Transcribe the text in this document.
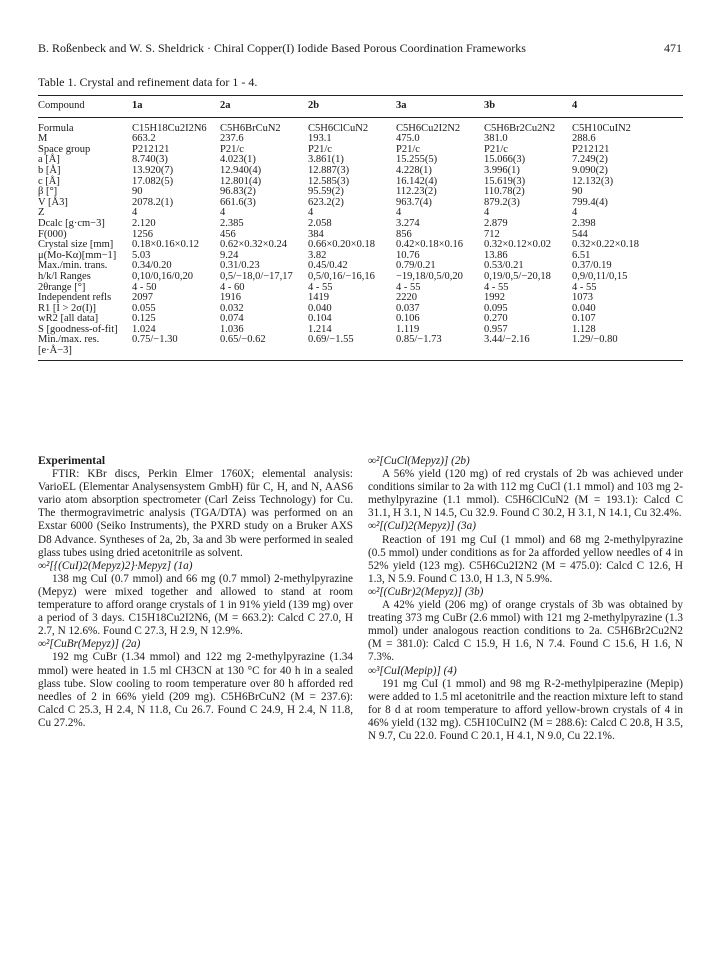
B. Roßenbeck and W. S. Sheldrick · Chiral Copper(I) Iodide Based Porous Coordination Frameworks	471
Table 1. Crystal and refinement data for 1 - 4.
Compound	1a	2a	2b	3a	3b	4
Formula	C15H18Cu2I2N6	C5H6BrCuN2	C5H6ClCuN2	C5H6Cu2I2N2	C5H6Br2Cu2N2	C5H10CuIN2
M	663.2	237.6	193.1	475.0	381.0	288.6
Space group	P212121	P21/c	P21/c	P21/c	P21/c	P212121
a [Å]	8.740(3)	4.023(1)	3.861(1)	15.255(5)	15.066(3)	7.249(2)
b [Å]	13.920(7)	12.940(4)	12.887(3)	4.228(1)	3.996(1)	9.090(2)
c [Å]	17.082(5)	12.801(4)	12.585(3)	16.142(4)	15.619(3)	12.132(3)
β [°]	90	96.83(2)	95.59(2)	112.23(2)	110.78(2)	90
V [Å3]	2078.2(1)	661.6(3)	623.2(2)	963.7(4)	879.2(3)	799.4(4)
Z	4	4	4	4	4	4
Dcalc [g·cm−3]	2.120	2.385	2.058	3.274	2.879	2.398
F(000)	1256	456	384	856	712	544
Crystal size [mm]	0.18×0.16×0.12	0.62×0.32×0.24	0.66×0.20×0.18	0.42×0.18×0.16	0.32×0.12×0.02	0.32×0.22×0.18
μ(Mo-Kα)[mm−1]	5.03	9.24	3.82	10.76	13.86	6.51
Max./min. trans.	0.34/0.20	0.31/0.23	0.45/0.42	0.79/0.21	0.53/0.21	0.37/0.19
h/k/l Ranges	0,10/0,16/0,20	0,5/−18,0/−17,17	0,5/0,16/−16,16	−19,18/0,5/0,20	0,19/0,5/−20,18	0,9/0,11/0,15
2θrange [°]	4 - 50	4 - 60	4 - 55	4 - 55	4 - 55	4 - 55
Independent refls	2097	1916	1419	2220	1992	1073
R1 [I > 2σ(I)]	0.055	0.032	0.040	0.037	0.095	0.040
wR2 [all data]	0.125	0.074	0.104	0.106	0.270	0.107
S [goodness-of-fit]	1.024	1.036	1.214	1.119	0.957	1.128
Min./max. res.	0.75/−1.30	0.65/−0.62	0.69/−1.55	0.85/−1.73	3.44/−2.16	1.29/−0.80
[e·Å−3]						

Experimental

FTIR: KBr discs, Perkin Elmer 1760X; elemental analysis: VarioEL (Elementar Analysensystem GmbH) für C, H, and N, AAS6 vario atom absorption spectrometer (Carl Zeiss Technology) for Cu. The thermogravimetric analysis (TGA/DTA) was performed on an Exstar 6000 (Seiko Instruments), the PXRD study on a Bruker AXS D8 Advance. Syntheses of 2a, 2b, 3a and 3b were performed in sealed glass tubes using dried acetonitrile as solvent.

∞²[{(CuI)2(Mepyz)2}·Mepyz] (1a)

138 mg CuI (0.7 mmol) and 66 mg (0.7 mmol) 2-methylpyrazine (Mepyz) were mixed together and allowed to stand at room temperature to afford orange crystals of 1 in 91% yield (139 mg) over a period of 3 days. C15H18Cu2I2N6, (M = 663.2): Calcd C 27.0, H 2.7, N 12.6%. Found C 27.3, H 2.9, N 12.9%.

∞²[CuBr(Mepyz)] (2a)

192 mg CuBr (1.34 mmol) and 122 mg 2-methylpyrazine (1.34 mmol) were heated in 1.5 ml CH3CN at 130 °C for 40 h in a sealed glass tube. Slow cooling to room temperature over 80 h afforded red needles of 2 in 66% yield (209 mg). C5H6BrCuN2 (M = 237.6): Calcd C 25.3, H 2.4, N 11.8, Cu 26.7. Found C 24.9, H 2.4, N 11.8, Cu 27.2%.

∞²[CuCl(Mepyz)] (2b)

A 56% yield (120 mg) of red crystals of 2b was achieved under conditions similar to 2a with 112 mg CuCl (1.1 mmol) and 103 mg 2-methylpyrazine (1.1 mmol). C5H6ClCuN2 (M = 193.1): Calcd C 31.1, H 3.1, N 14.5, Cu 32.9. Found C 30.2, H 3.1, N 14.1, Cu 32.4%.

∞²[(CuI)2(Mepyz)] (3a)

Reaction of 191 mg CuI (1 mmol) and 68 mg 2-methylpyrazine (0.5 mmol) under conditions as for 2a afforded yellow needles of 4 in 52% yield (123 mg). C5H6Cu2I2N2 (M = 475.0): Calcd C 12.6, H 1.3, N 5.9. Found C 13.0, H 1.3, N 5.9%.

∞²[(CuBr)2(Mepyz)] (3b)

A 42% yield (206 mg) of orange crystals of 3b was obtained by treating 373 mg CuBr (2.6 mmol) with 121 mg 2-methylpyrazine (1.3 mmol) under analogous reaction conditions to 2a. C5H6Br2Cu2N2 (M = 381.0): Calcd C 15.9, H 1.6, N 7.4. Found C 15.6, H 1.6, N 7.3%.

∞³[CuI(Mepip)] (4)

191 mg CuI (1 mmol) and 98 mg R-2-methylpiperazine (Mepip) were added to 1.5 ml acetonitrile and the reaction mixture left to stand for 8 d at room temperature to afford yellow-brown crystals of 4 in 46% yield (132 mg). C5H10CuIN2 (M = 288.6): Calcd C 20.8, H 3.5, N 9.7, Cu 22.0. Found C 20.1, H 4.1, N 9.0, Cu 22.1%.
